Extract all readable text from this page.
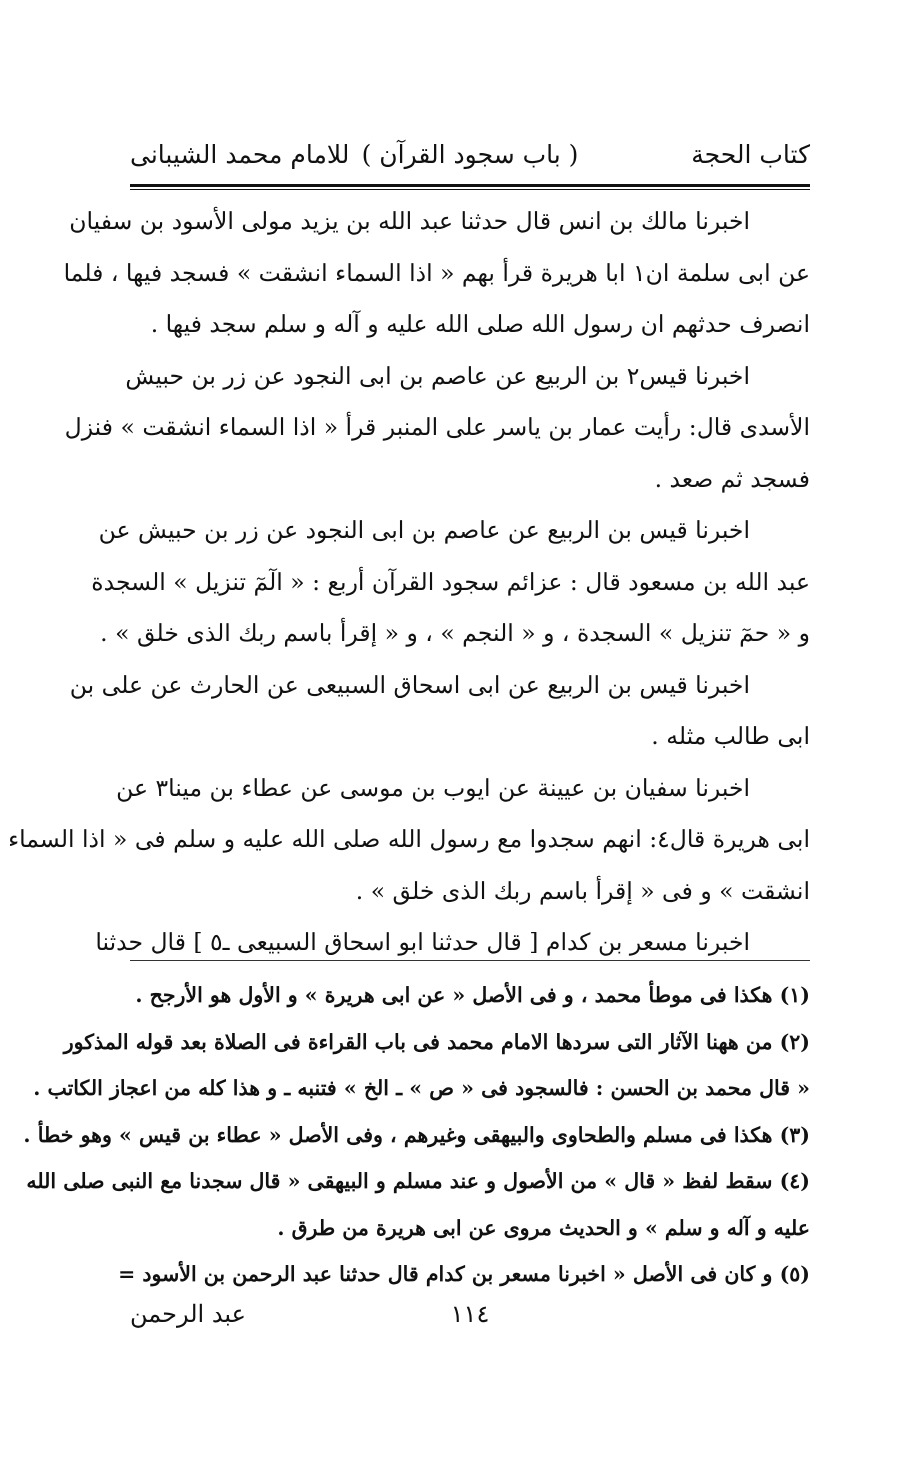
كتاب الحجة
( باب سجود القرآن )
للامام محمد الشيبانى
اخبرنا مالك بن انس قال حدثنا عبد الله بن يزيد مولى الأسود بن سفيان
عن ابى سلمة ان١ ابا هريرة قرأ بهم « اذا السماء انشقت » فسجد فيها ، فلما
انصرف حدثهم ان رسول الله صلى الله عليه و آله و سلم سجد فيها .
اخبرنا قيس٢ بن الربيع عن عاصم بن ابى النجود عن زر بن حبيش
الأسدى قال: رأيت عمار بن ياسر على المنبر قرأ « اذا السماء انشقت » فنزل
فسجد ثم صعد .
اخبرنا قيس بن الربيع عن عاصم بن ابى النجود عن زر بن حبيش عن
عبد الله بن مسعود قال : عزائم سجود القرآن أربع : « الٓمٓ تنزيل » السجدة
و « حمٓ تنزيل » السجدة ، و « النجم » ، و « إقرأ باسم ربك الذى خلق » .
اخبرنا قيس بن الربيع عن ابى اسحاق السبيعى عن الحارث عن على بن
ابى طالب مثله .
اخبرنا سفيان بن عيينة عن ايوب بن موسى عن عطاء بن مينا٣ عن
ابى هريرة قال٤: انهم سجدوا مع رسول الله صلى الله عليه و سلم فى « اذا السماء
انشقت » و فى « إقرأ باسم ربك الذى خلق » .
اخبرنا مسعر بن كدام [ قال حدثنا ابو اسحاق السبيعى ـ٥ ] قال حدثنا
(١) هكذا فى موطأ محمد ، و فى الأصل « عن ابى هريرة » و الأول هو الأرجح .
(٢) من ههنا الآثار التى سردها الامام محمد فى باب القراءة فى الصلاة بعد قوله المذكور
« قال محمد بن الحسن : فالسجود فى « ص » ـ الخ » فتنبه ـ و هذا كله من اعجاز الكاتب .
(٣) هكذا فى مسلم والطحاوى والبيهقى وغيرهم ، وفى الأصل « عطاء بن قيس » وهو خطأ .
(٤) سقط لفظ « قال » من الأصول و عند مسلم و البيهقى « قال سجدنا مع النبى صلى الله
عليه و آله و سلم » و الحديث مروى عن ابى هريرة من طرق .
(٥) و كان فى الأصل « اخبرنا مسعر بن كدام قال حدثنا عبد الرحمن بن الأسود =
١١٤
عبد الرحمن
